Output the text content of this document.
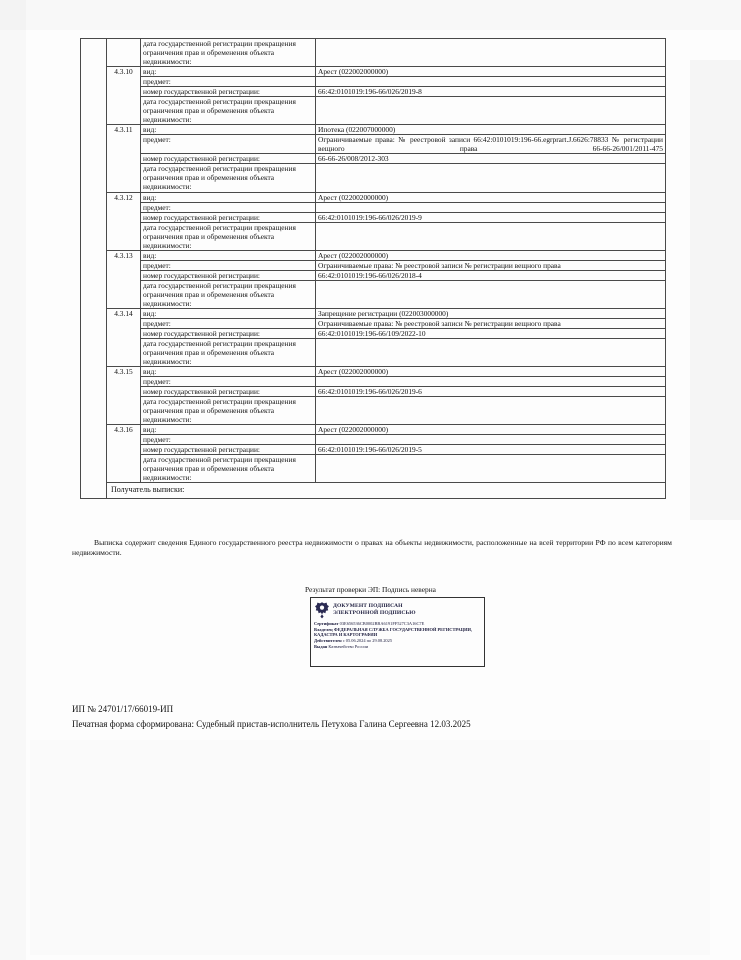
		дата государственной регистрации прекращения ограничения прав и обременения объекта недвижимости:	
	4.3.10	вид:	Арест (022002000000)
		предмет:	
		номер государственной регистрации:	66:42:0101019:196-66/026/2019-8
		дата государственной регистрации прекращения ограничения прав и обременения объекта недвижимости:	
	4.3.11	вид:	Ипотека (022007000000)
		предмет:	Ограничиваемые права: № реестровой записи 66:42:0101019:196-66.egrprart.J.6626:78833 № регистрации вещного права 66-66-26/001/2011-475
		номер государственной регистрации:	66-66-26/008/2012-303
		дата государственной регистрации прекращения ограничения прав и обременения объекта недвижимости:	
	4.3.12	вид:	Арест (022002000000)
		предмет:	
		номер государственной регистрации:	66:42:0101019:196-66/026/2019-9
		дата государственной регистрации прекращения ограничения прав и обременения объекта недвижимости:	
	4.3.13	вид:	Арест (022002000000)
		предмет:	Ограничиваемые права: № реестровой записи № регистрации вещного права
		номер государственной регистрации:	66:42:0101019:196-66/026/2018-4
		дата государственной регистрации прекращения ограничения прав и обременения объекта недвижимости:	
	4.3.14	вид:	Запрещение регистрации (022003000000)
		предмет:	Ограничиваемые права: № реестровой записи № регистрации вещного права
		номер государственной регистрации:	66:42:0101019:196-66/109/2022-10
		дата государственной регистрации прекращения ограничения прав и обременения объекта недвижимости:	
	4.3.15	вид:	Арест (022002000000)
		предмет:	
		номер государственной регистрации:	66:42:0101019:196-66/026/2019-6
		дата государственной регистрации прекращения ограничения прав и обременения объекта недвижимости:	
	4.3.16	вид:	Арест (022002000000)
		предмет:	
		номер государственной регистрации:	66:42:0101019:196-66/026/2019-5
		дата государственной регистрации прекращения ограничения прав и обременения объекта недвижимости:	
	Получатель выписки:		
Выписка содержит сведения Единого государственного реестра недвижимости о правах на объекты недвижимости, расположенные на всей территории РФ по всем категориям недвижимости.
Результат проверки ЭП: Подпись неверна
ДОКУМЕНТ ПОДПИСАН
ЭЛЕКТРОННОЙ ПОДПИСЬЮ
Сертификат 03E656536CB0002BBA6191FF527C3A16C7E
Владелец ФЕДЕРАЛЬНАЯ СЛУЖБА ГОСУДАРСТВЕННОЙ РЕГИСТРАЦИИ, КАДАСТРА И КАРТОГРАФИИ
Действителен с 05.06.2024 по 29.08.2025
Выдан Казначейство России
ИП № 24701/17/66019-ИП
Печатная форма сформирована: Судебный пристав-исполнитель Петухова Галина Сергеевна 12.03.2025
